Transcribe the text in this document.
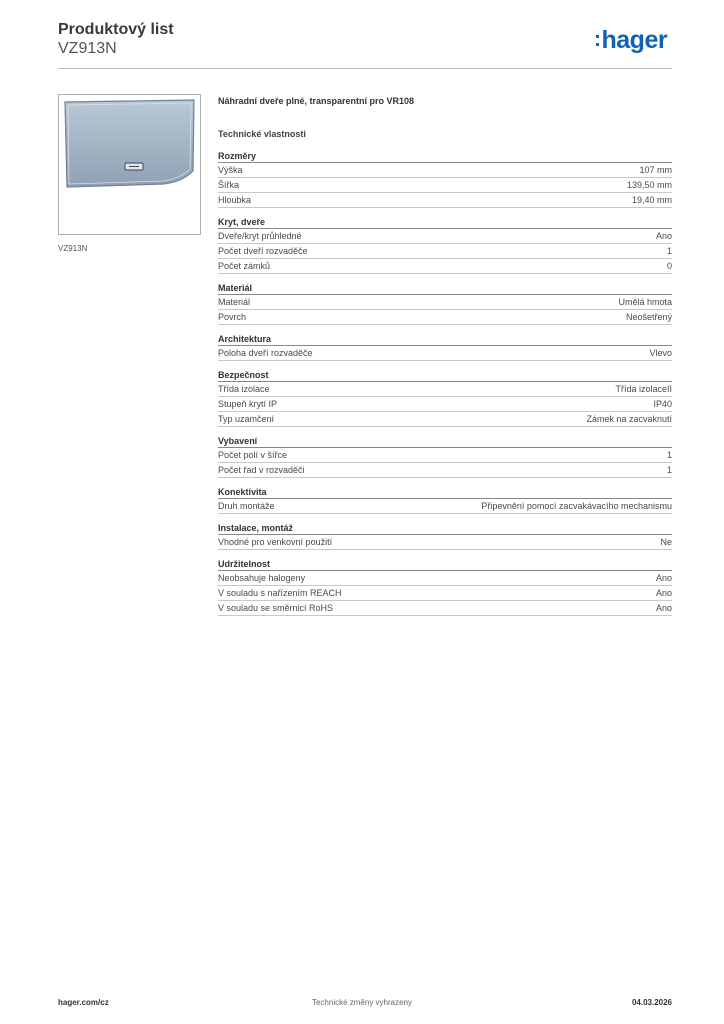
Produktový list
VZ913N	:hager
VZ913N
Náhradní dveře plné, transparentní pro VR108
Technické vlastnosti
Rozměry
Výška	107 mm
Šířka	139,50 mm
Hloubka	19,40 mm
Kryt, dveře
Dveře/kryt průhledné	Ano
Počet dveří rozvaděče	1
Počet zámků	0
Materiál
Materiál	Umělá hmota
Povrch	Neošetřený
Architektura
Poloha dveří rozvaděče	Vlevo
Bezpečnost
Třída izolace	Třída izolaceII
Stupeň krytí IP	IP40
Typ uzamčení	Zámek na zacvaknutí
Vybavení
Počet polí v šířce	1
Počet řad v rozvaděči	1
Konektivita
Druh montáže	Připevnění pomocí zacvakávacího mechanismu
Instalace, montáž
Vhodné pro venkovní použití	Ne
Udržitelnost
Neobsahuje halogeny	Ano
V souladu s nařízením REACH	Ano
V souladu se směrnicí RoHS	Ano
hager.com/cz	Technické změny vyhrazeny	04.03.2026
